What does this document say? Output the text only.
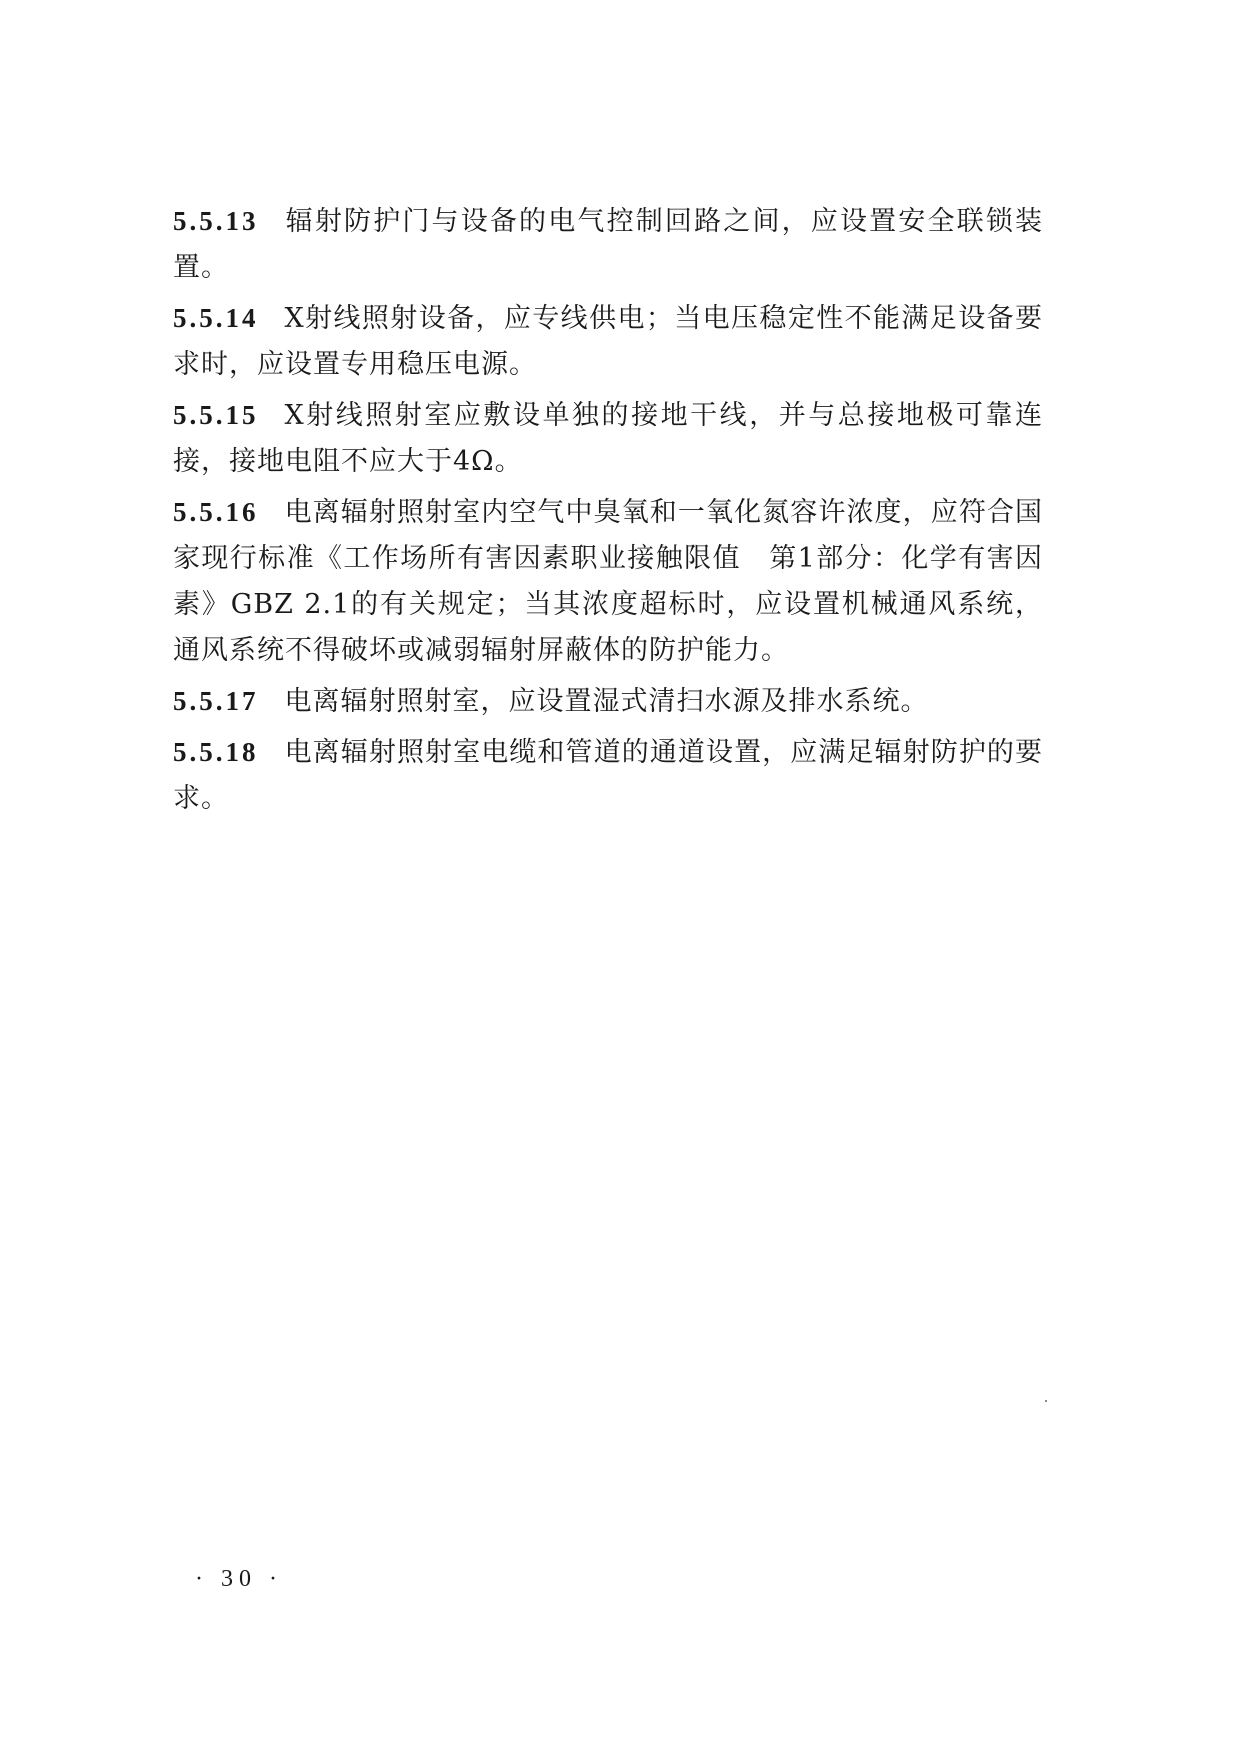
5.5.13 辐射防护门与设备的电气控制回路之间，应设置安全联锁装置。

5.5.14 X射线照射设备，应专线供电；当电压稳定性不能满足设备要求时，应设置专用稳压电源。

5.5.15 X射线照射室应敷设单独的接地干线，并与总接地极可靠连接，接地电阻不应大于4Ω。

5.5.16 电离辐射照射室内空气中臭氧和一氧化氮容许浓度，应符合国家现行标准《工作场所有害因素职业接触限值　第1部分：化学有害因素》GBZ 2.1的有关规定；当其浓度超标时，应设置机械通风系统，通风系统不得破坏或减弱辐射屏蔽体的防护能力。

5.5.17 电离辐射照射室，应设置湿式清扫水源及排水系统。

5.5.18 电离辐射照射室电缆和管道的通道设置，应满足辐射防护的要求。

· 30 ·
